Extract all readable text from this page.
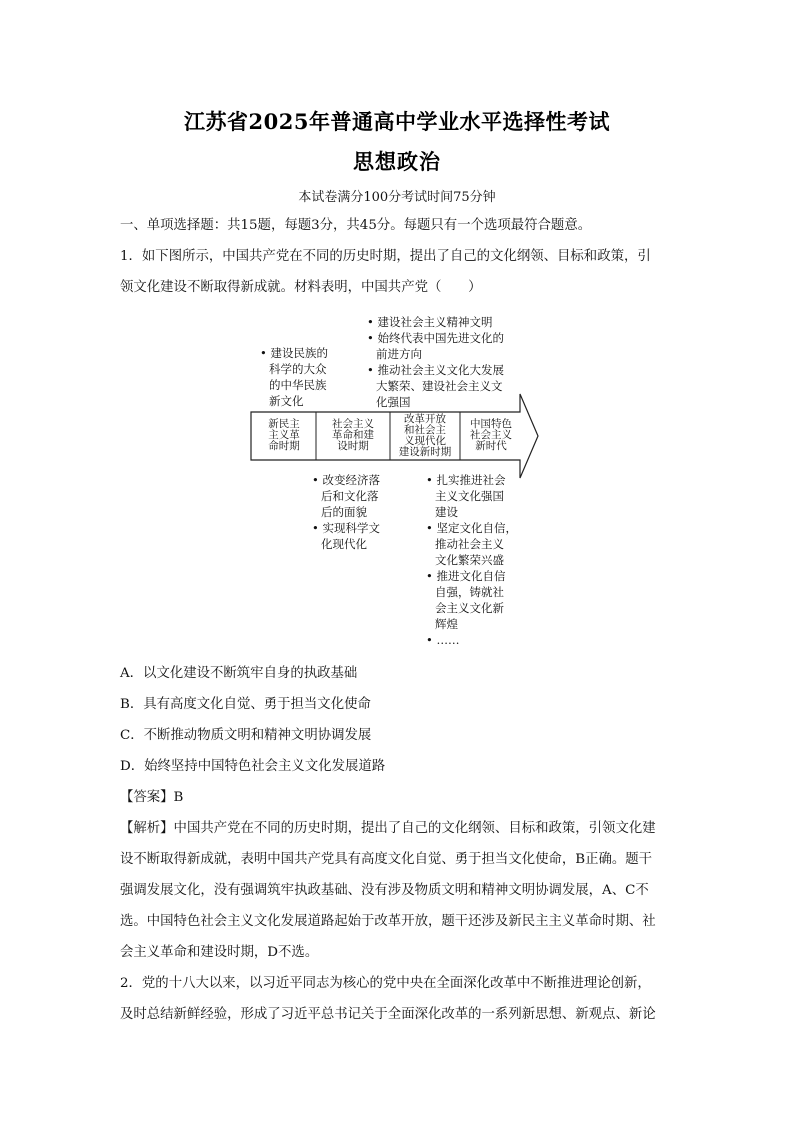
江苏省2025年普通高中学业水平选择性考试
思想政治
本试卷满分100分考试时间75分钟
一、单项选择题：共15题，每题3分，共45分。每题只有一个选项最符合题意。
1．如下图所示，中国共产党在不同的历史时期，提出了自己的文化纲领、目标和政策，引
领文化建设不断取得新成就。材料表明，中国共产党（　　）
新民主
主义革
命时期
社会主义
革命和建
设时期
改革开放
和社会主
义现代化
建设新时期
中国特色
社会主义
新时代
• 建设民族的
科学的大众
的中华民族
新文化
• 建设社会主义精神文明
• 始终代表中国先进文化的
前进方向
• 推动社会主义文化大发展
大繁荣、建设社会主义文
化强国
• 改变经济落
后和文化落
后的面貌
• 实现科学文
化现代化
• 扎实推进社会
主义文化强国
建设
• 坚定文化自信，
推动社会主义
文化繁荣兴盛
• 推进文化自信
自强，铸就社
会主义文化新
辉煌
• ……
A．以文化建设不断筑牢自身的执政基础
B．具有高度文化自觉、勇于担当文化使命
C．不断推动物质文明和精神文明协调发展
D．始终坚持中国特色社会主义文化发展道路
【答案】B
【解析】中国共产党在不同的历史时期，提出了自己的文化纲领、目标和政策，引领文化建
设不断取得新成就，表明中国共产党具有高度文化自觉、勇于担当文化使命，B正确。题干
强调发展文化，没有强调筑牢执政基础、没有涉及物质文明和精神文明协调发展，A、C不
选。中国特色社会主义文化发展道路起始于改革开放，题干还涉及新民主主义革命时期、社
会主义革命和建设时期，D不选。
2．党的十八大以来，以习近平同志为核心的党中央在全面深化改革中不断推进理论创新，
及时总结新鲜经验，形成了习近平总书记关于全面深化改革的一系列新思想、新观点、新论
